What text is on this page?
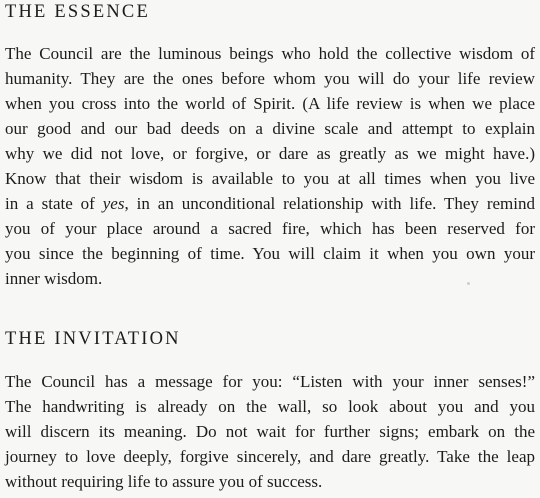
THE ESSENCE
The Council are the luminous beings who hold the collective wisdom of
humanity. They are the ones before whom you will do your life review
when you cross into the world of Spirit. (A life review is when we place
our good and our bad deeds on a divine scale and attempt to explain
why we did not love, or forgive, or dare as greatly as we might have.)
Know that their wisdom is available to you at all times when you live
in a state of yes, in an unconditional relationship with life. They remind
you of your place around a sacred fire, which has been reserved for
you since the beginning of time. You will claim it when you own your
inner wisdom.
THE INVITATION
The Council has a message for you: “Listen with your inner senses!”
The handwriting is already on the wall, so look about you and you
will discern its meaning. Do not wait for further signs; embark on the
journey to love deeply, forgive sincerely, and dare greatly. Take the leap
without requiring life to assure you of success.
